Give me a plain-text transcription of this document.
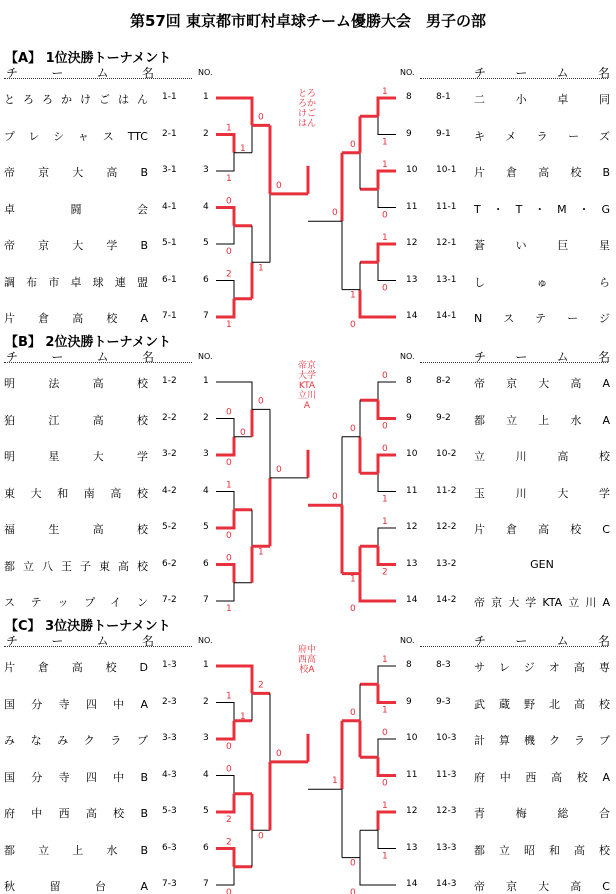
第57回 東京都市町村卓球チーム優勝大会　男子の部
【A】 1位決勝トーナメント
チ	ー	ム	名	チ ー ム 名
NO.	NO.
とろろかけごはん 1-1	1
プレシャスTTC 2-1	2
帝京大高B 3-1	3
卓闘会 4-1	4
帝京大学B 5-1	5
調布市卓球連盟 6-1	6
片倉高校A 7-1	7
8	8-1 二小卓同
9	9-1 キメラーズ
10 10-1 片倉高校B
11 11-1 T・T・M・G
12 12-1 蒼い巨星
13 13-1 しゅら
14 14-1 Nステージ
1
1
1
0
0
2
1
0
1
0
1
1
1
0
1
0
0
1
0
0
とろろかけごはん
【B】 2位決勝トーナメント
チ	ー	ム	名	チ ー ム 名
NO.	NO.
明法高校 1-2	1
狛江高校 2-2	2
明星大学 3-2	3
東大和南高校 4-2	4
福生高校 5-2	5
都立八王子東高校 6-2	6
ステップイン 7-2	7
8	8-2 帝京大高A
9	9-2 都立上水A
10 10-2 立川高校
11 11-2 玉川大学
12 12-2 片倉高校C
13 13-2	GEN
14 14-2 帝京大学KTA立川A
0
0
0
1
0
0
1
0
1
0
0
0
0
1
1
2
0
1
0
0
帝京大学KTA立川A
【C】 3位決勝トーナメント
チ	ー	ム	名	チ ー ム 名
NO.	NO.
片倉高校D 1-3	1
国分寺四中A 2-3	2
みなみクラブ 3-3	3
国分寺四中B 4-3	4
府中西高校B 5-3	5
都立上水B 6-3	6
秋留台A 7-3	7
8	8-3 サレジオ高専
9	9-3 武蔵野北高校
10 10-3 計算機クラブ
11 11-3 府中西高校A
12 12-3 青梅総合
13 13-3 都立昭和高校
14 14-3 帝京大高C
1
1
0
0
2
2
0
2
0
0
1
1
0
0
1
1
0
0
1
0
府中西高校A
